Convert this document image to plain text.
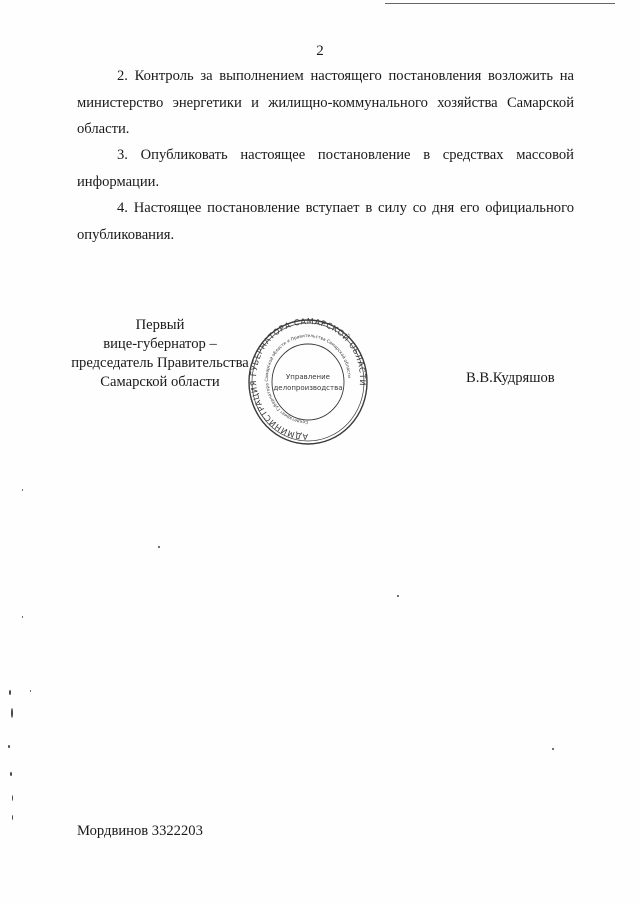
2

2. Контроль за выполнением настоящего постановления возложить на министерство энергетики и жилищно-коммунального хозяйства Самарской области.

3. Опубликовать настоящее постановление в средствах массовой информации.

4. Настоящее постановление вступает в силу со дня его официального опубликования.

Первый
вице-губернатор –
председатель Правительства
Самарской области
АДМИНИСТРАЦИЯ ГУБЕРНАТОРА САМАРСКОЙ ОБЛАСТИ
Секретариат Губернатора Самарской области и Правительства Самарской области
Управление
делопроизводства
В.В.Кудряшов
Мордвинов 3322203
